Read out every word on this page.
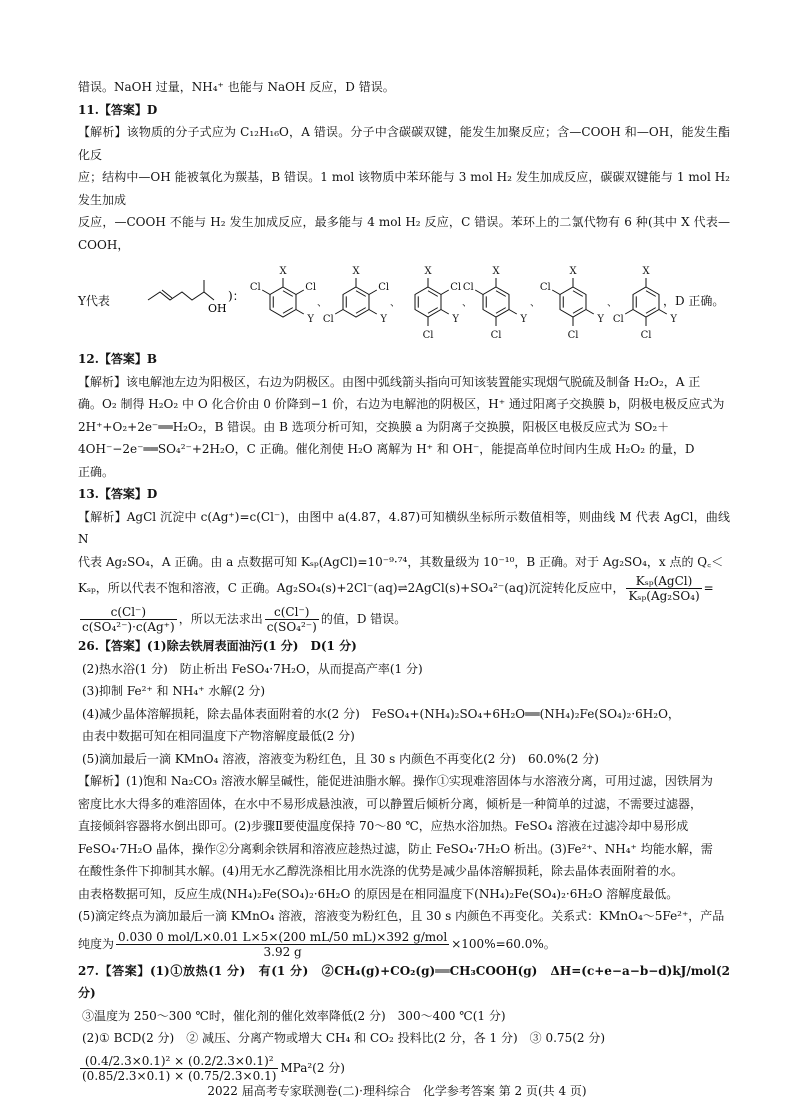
错误。NaOH 过量，NH₄⁺ 也能与 NaOH 反应，D 错误。

11.【答案】D

【解析】该物质的分子式应为 C₁₂H₁₆O，A 错误。分子中含碳碳双键，能发生加聚反应；含—COOH 和—OH，能发生酯化反

应；结构中—OH 能被氧化为羰基，B 错误。1 mol 该物质中苯环能与 3 mol H₂ 发生加成反应，碳碳双键能与 1 mol H₂ 发生加成

反应，—COOH 不能与 H₂ 发生加成反应，最多能与 4 mol H₂ 反应，C 错误。苯环上的二氯代物有 6 种(其中 X 代表—COOH，

Y代表
OH
)：
X
Cl
Y
Cl
、
X
Cl
Y
Cl
、
X
Cl
Y
Cl
、
X
Y
Cl
Cl
、
X
Y
Cl
Cl
、
X
Y
Cl
Cl
，D 正确。

12.【答案】B

【解析】该电解池左边为阳极区，右边为阴极区。由图中弧线箭头指向可知该装置能实现烟气脱硫及制备 H₂O₂，A 正

确。O₂ 制得 H₂O₂ 中 O 化合价由 0 价降到−1 价，右边为电解池的阴极区，H⁺ 通过阳离子交换膜 b，阴极电极反应式为

2H⁺+O₂+2e⁻══H₂O₂，B 错误。由 B 选项分析可知，交换膜 a 为阴离子交换膜，阳极区电极反应式为 SO₂＋

4OH⁻−2e⁻══SO₄²⁻+2H₂O，C 正确。催化剂使 H₂O 离解为 H⁺ 和 OH⁻，能提高单位时间内生成 H₂O₂ 的量，D

正确。

13.【答案】D

【解析】AgCl 沉淀中 c(Ag⁺)=c(Cl⁻)，由图中 a(4.87，4.87)可知横纵坐标所示数值相等，则曲线 M 代表 AgCl，曲线 N

代表 Ag₂SO₄，A 正确。由 a 点数据可知 Kₛₚ(AgCl)=10⁻⁹·⁷⁴，其数量级为 10⁻¹⁰，B 正确。对于 Ag₂SO₄，x 点的 Q꜀＜

Kₛₚ，所以代表不饱和溶液，C 正确。Ag₂SO₄(s)+2Cl⁻(aq)⇌2AgCl(s)+SO₄²⁻(aq)沉淀转化反应中， $\frac{\text{Kₛₚ(AgCl)}}{\text{Kₛₚ(Ag₂SO₄)}}$ =

$\frac{c(Cl^-)}{\text{c(SO₄²⁻)·c(Ag⁺)}}$ ，所以无法求出 $\frac{c(Cl^-)}{\text{c(SO₄²⁻)}}$ 的值，D 错误。

26.【答案】(1)除去铁屑表面油污(1 分)　D(1 分)

(2)热水浴(1 分)　防止析出 FeSO₄·7H₂O，从而提高产率(1 分)

(3)抑制 Fe²⁺ 和 NH₄⁺ 水解(2 分)

(4)减少晶体溶解损耗，除去晶体表面附着的水(2 分)　FeSO₄+(NH₄)₂SO₄+6H₂O══(NH₄)₂Fe(SO₄)₂·6H₂O，

由表中数据可知在相同温度下产物溶解度最低(2 分)

(5)滴加最后一滴 KMnO₄ 溶液，溶液变为粉红色，且 30 s 内颜色不再变化(2 分)　60.0%(2 分)

【解析】(1)饱和 Na₂CO₃ 溶液水解呈碱性，能促进油脂水解。操作①实现难溶固体与水溶液分离，可用过滤，因铁屑为

密度比水大得多的难溶固体，在水中不易形成悬浊液，可以静置后倾析分离，倾析是一种简单的过滤，不需要过滤器，

直接倾斜容器将水倒出即可。(2)步骤Ⅱ要使温度保持 70～80 ℃，应热水浴加热。FeSO₄ 溶液在过滤冷却中易形成

FeSO₄·7H₂O 晶体，操作②分离剩余铁屑和溶液应趁热过滤，防止 FeSO₄·7H₂O 析出。(3)Fe²⁺、NH₄⁺ 均能水解，需

在酸性条件下抑制其水解。(4)用无水乙醇洗涤相比用水洗涤的优势是减少晶体溶解损耗，除去晶体表面附着的水。

由表格数据可知，反应生成(NH₄)₂Fe(SO₄)₂·6H₂O 的原因是在相同温度下(NH₄)₂Fe(SO₄)₂·6H₂O 溶解度最低。

(5)滴定终点为滴加最后一滴 KMnO₄ 溶液，溶液变为粉红色，且 30 s 内颜色不再变化。关系式：KMnO₄～5Fe²⁺，产品

纯度为 $\frac{\text{0.030 0 mol/L×0.01 L×5×(200 mL/50 mL)×392 g/mol}}{3.92 g} \times 100\%=60.0\%$。

27.【答案】(1)①放热(1 分)　有(1 分)　②CH₄(g)+CO₂(g)══CH₃COOH(g)　ΔH=(c+e−a−b−d)kJ/mol(2 分)

③温度为 250～300 ℃时，催化剂的催化效率降低(2 分)　300～400 ℃(1 分)

(2)① BCD(2 分)　② 减压、分离产物或增大 CH₄ 和 CO₂ 投料比(2 分，各 1 分)　③ 0.75(2 分)

$\frac{\text{(0.4/2.3×0.1)² × (0.2/2.3×0.1)²}}{(0.85/2.3\times 0.1) \times (0.75/2.3\times 0.1)} MPa^2(2$ 分)

2022 届高考专家联测卷(二)·理科综合　化学参考答案 第 2 页(共 4 页)
